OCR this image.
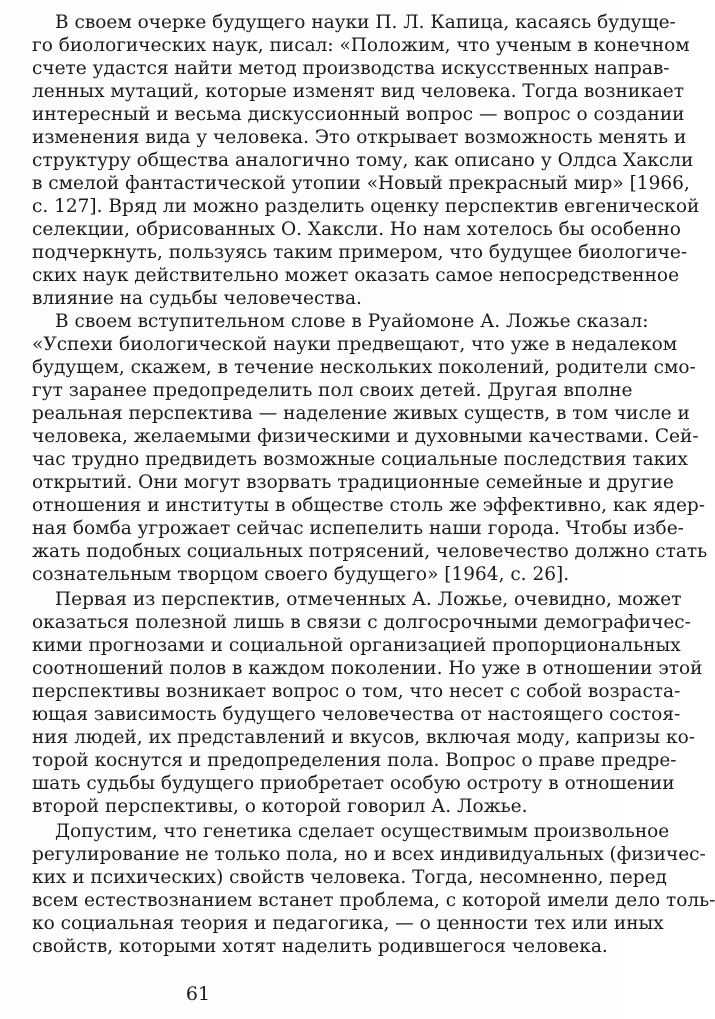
В своем очерке будущего науки П. Л. Капица, касаясь будуще-
го биологических наук, писал: «Положим, что ученым в конечном
счете удастся найти метод производства искусственных направ-
ленных мутаций, которые изменят вид человека. Тогда возникает
интересный и весьма дискуссионный вопрос — вопрос о создании
изменения вида у человека. Это открывает возможность менять и
структуру общества аналогично тому, как описано у Олдса Хаксли
в смелой фантастической утопии «Новый прекрасный мир» [1966,
с. 127]. Вряд ли можно разделить оценку перспектив евгенической
селекции, обрисованных О. Хаксли. Но нам хотелось бы особенно
подчеркнуть, пользуясь таким примером, что будущее биологиче-
ских наук действительно может оказать самое непосредственное
влияние на судьбы человечества.
В своем вступительном слове в Руайомоне А. Ложье сказал:
«Успехи биологической науки предвещают, что уже в недалеком
будущем, скажем, в течение нескольких поколений, родители смо-
гут заранее предопределить пол своих детей. Другая вполне
реальная перспектива — наделение живых существ, в том числе и
человека, желаемыми физическими и духовными качествами. Сей-
час трудно предвидеть возможные социальные последствия таких
открытий. Они могут взорвать традиционные семейные и другие
отношения и институты в обществе столь же эффективно, как ядер-
ная бомба угрожает сейчас испепелить наши города. Чтобы избе-
жать подобных социальных потрясений, человечество должно стать
сознательным творцом своего будущего» [1964, с. 26].
Первая из перспектив, отмеченных А. Ложье, очевидно, может
оказаться полезной лишь в связи с долгосрочными демографичес-
кими прогнозами и социальной организацией пропорциональных
соотношений полов в каждом поколении. Но уже в отношении этой
перспективы возникает вопрос о том, что несет с собой возраста-
ющая зависимость будущего человечества от настоящего состоя-
ния людей, их представлений и вкусов, включая моду, капризы ко-
торой коснутся и предопределения пола. Вопрос о праве предре-
шать судьбы будущего приобретает особую остроту в отношении
второй перспективы, о которой говорил А. Ложье.
Допустим, что генетика сделает осуществимым произвольное
регулирование не только пола, но и всех индивидуальных (физичес-
ких и психических) свойств человека. Тогда, несомненно, перед
всем естествознанием встанет проблема, с которой имели дело толь-
ко социальная теория и педагогика, — о ценности тех или иных
свойств, которыми хотят наделить родившегося человека.
61
